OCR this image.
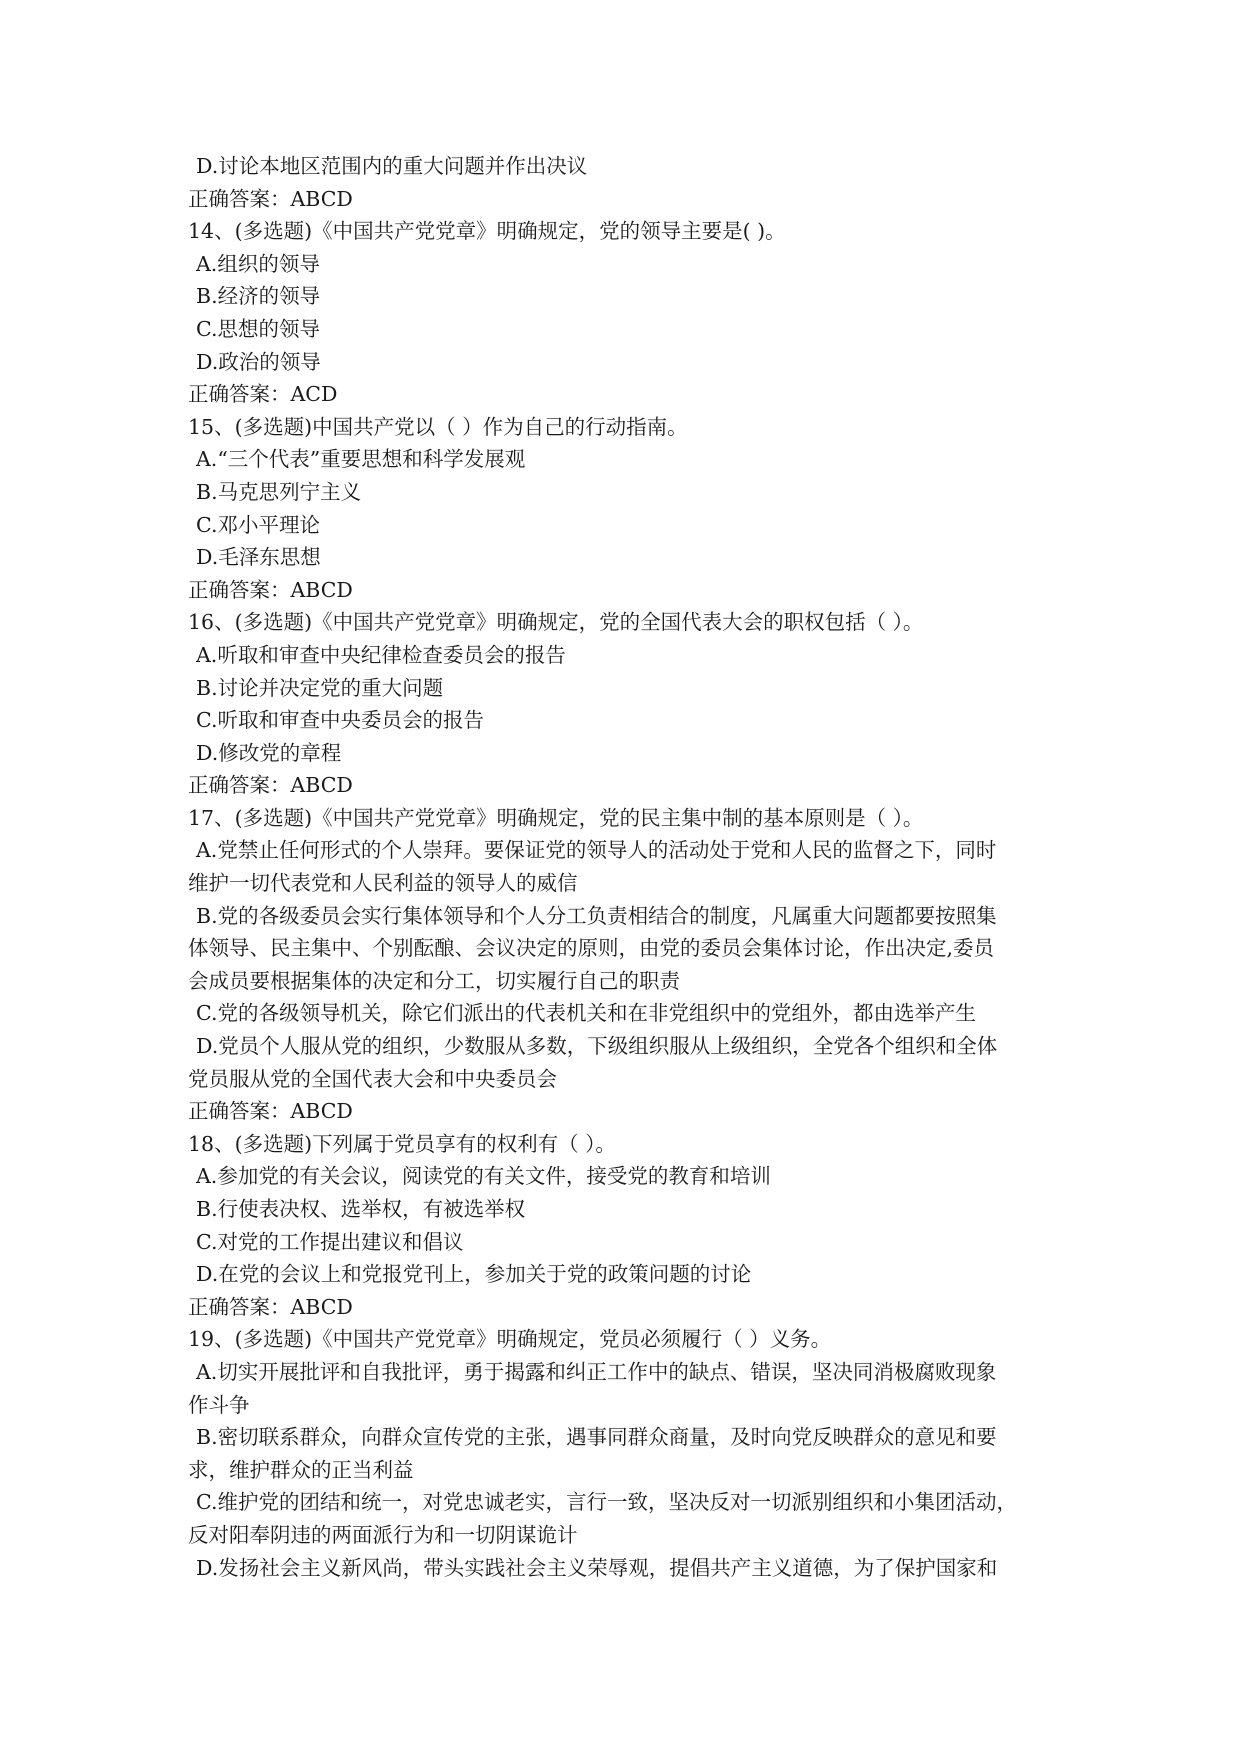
D.讨论本地区范围内的重大问题并作出决议
正确答案：ABCD
14、(多选题)《中国共产党党章》明确规定，党的领导主要是( )。
A.组织的领导
B.经济的领导
C.思想的领导
D.政治的领导
正确答案：ACD
15、(多选题)中国共产党以（ ）作为自己的行动指南。
A.“三个代表”重要思想和科学发展观
B.马克思列宁主义
C.邓小平理论
D.毛泽东思想
正确答案：ABCD
16、(多选题)《中国共产党党章》明确规定，党的全国代表大会的职权包括（ ）。
A.听取和审查中央纪律检查委员会的报告
B.讨论并决定党的重大问题
C.听取和审查中央委员会的报告
D.修改党的章程
正确答案：ABCD
17、(多选题)《中国共产党党章》明确规定，党的民主集中制的基本原则是（ ）。
A.党禁止任何形式的个人崇拜。要保证党的领导人的活动处于党和人民的监督之下，同时
维护一切代表党和人民利益的领导人的威信
B.党的各级委员会实行集体领导和个人分工负责相结合的制度，凡属重大问题都要按照集
体领导、民主集中、个别酝酿、会议决定的原则，由党的委员会集体讨论，作出决定,委员
会成员要根据集体的决定和分工，切实履行自己的职责
C.党的各级领导机关，除它们派出的代表机关和在非党组织中的党组外，都由选举产生
D.党员个人服从党的组织，少数服从多数，下级组织服从上级组织，全党各个组织和全体
党员服从党的全国代表大会和中央委员会
正确答案：ABCD
18、(多选题)下列属于党员享有的权利有（ ）。
A.参加党的有关会议，阅读党的有关文件，接受党的教育和培训
B.行使表决权、选举权，有被选举权
C.对党的工作提出建议和倡议
D.在党的会议上和党报党刊上，参加关于党的政策问题的讨论
正确答案：ABCD
19、(多选题)《中国共产党党章》明确规定，党员必须履行（ ）义务。
A.切实开展批评和自我批评，勇于揭露和纠正工作中的缺点、错误，坚决同消极腐败现象
作斗争
B.密切联系群众，向群众宣传党的主张，遇事同群众商量，及时向党反映群众的意见和要
求，维护群众的正当利益
C.维护党的团结和统一，对党忠诚老实，言行一致，坚决反对一切派别组织和小集团活动，
反对阳奉阴违的两面派行为和一切阴谋诡计
D.发扬社会主义新风尚，带头实践社会主义荣辱观，提倡共产主义道德，为了保护国家和
